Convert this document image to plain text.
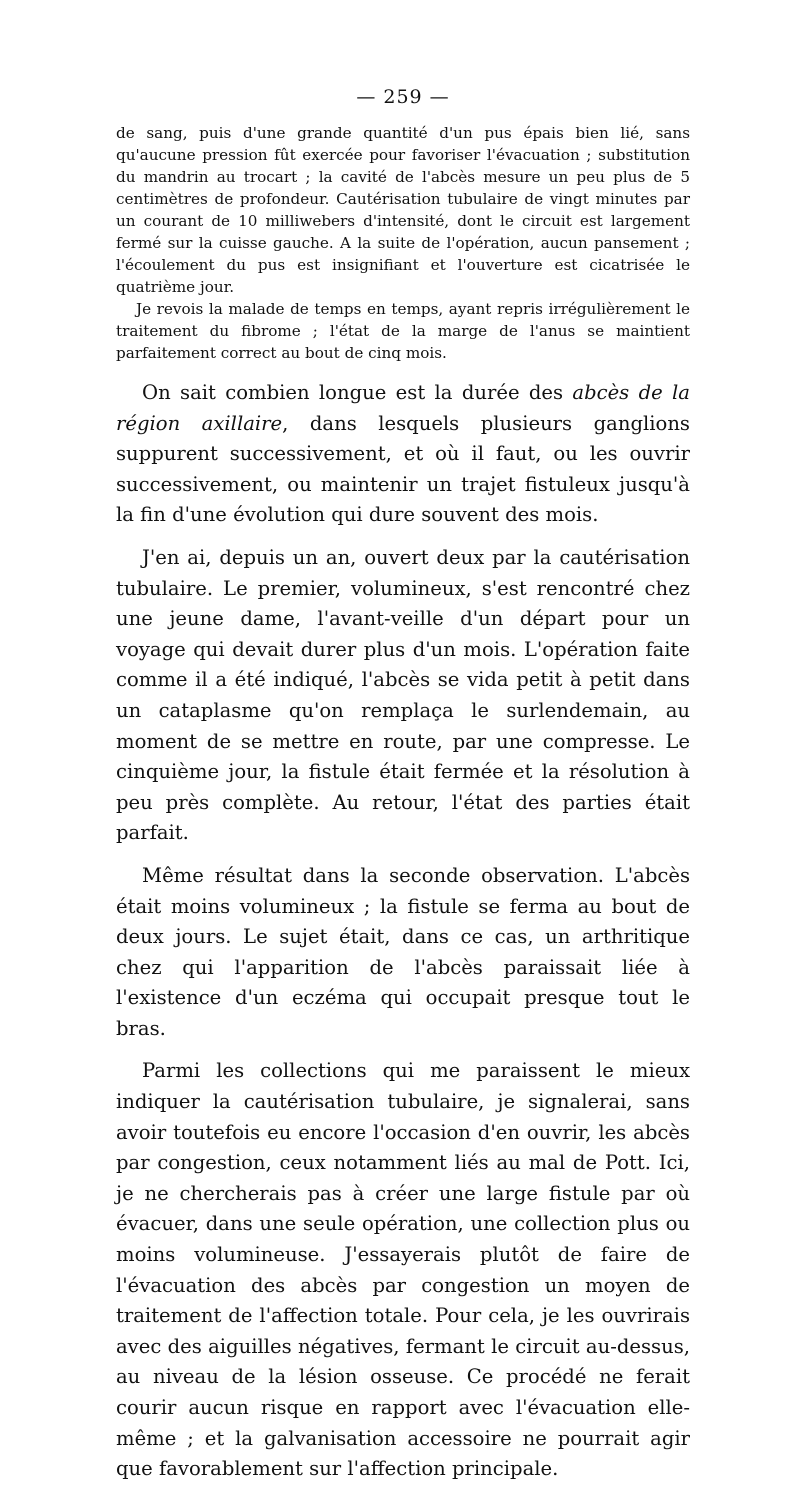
— 259 —

de sang, puis d'une grande quantité d'un pus épais bien lié, sans qu'aucune pression fût exercée pour favoriser l'évacuation ; substitution du mandrin au trocart ; la cavité de l'abcès mesure un peu plus de 5 centimètres de profondeur. Cautérisation tubulaire de vingt minutes par un courant de 10 milliwebers d'intensité, dont le circuit est largement fermé sur la cuisse gauche. A la suite de l'opération, aucun pansement ; l'écoulement du pus est insignifiant et l'ouverture est cicatrisée le quatrième jour.

Je revois la malade de temps en temps, ayant repris irrégulièrement le traitement du fibrome ; l'état de la marge de l'anus se maintient parfaitement correct au bout de cinq mois.

On sait combien longue est la durée des abcès de la région axillaire, dans lesquels plusieurs ganglions suppurent successivement, et où il faut, ou les ouvrir successivement, ou maintenir un trajet fistuleux jusqu'à la fin d'une évolution qui dure souvent des mois.

J'en ai, depuis un an, ouvert deux par la cautérisation tubulaire. Le premier, volumineux, s'est rencontré chez une jeune dame, l'avant-veille d'un départ pour un voyage qui devait durer plus d'un mois. L'opération faite comme il a été indiqué, l'abcès se vida petit à petit dans un cataplasme qu'on remplaça le surlendemain, au moment de se mettre en route, par une compresse. Le cinquième jour, la fistule était fermée et la résolution à peu près complète. Au retour, l'état des parties était parfait.

Même résultat dans la seconde observation. L'abcès était moins volumineux ; la fistule se ferma au bout de deux jours. Le sujet était, dans ce cas, un arthritique chez qui l'apparition de l'abcès paraissait liée à l'existence d'un eczéma qui occupait presque tout le bras.

Parmi les collections qui me paraissent le mieux indiquer la cautérisation tubulaire, je signalerai, sans avoir toutefois eu encore l'occasion d'en ouvrir, les abcès par congestion, ceux notamment liés au mal de Pott. Ici, je ne chercherais pas à créer une large fistule par où évacuer, dans une seule opération, une collection plus ou moins volumineuse. J'essayerais plutôt de faire de l'évacuation des abcès par congestion un moyen de traitement de l'affection totale. Pour cela, je les ouvrirais avec des aiguilles négatives, fermant le circuit au-dessus, au niveau de la lésion osseuse. Ce procédé ne ferait courir aucun risque en rapport avec l'évacuation elle-même ; et la galvanisation accessoire ne pourrait agir que favorablement sur l'affection principale.
